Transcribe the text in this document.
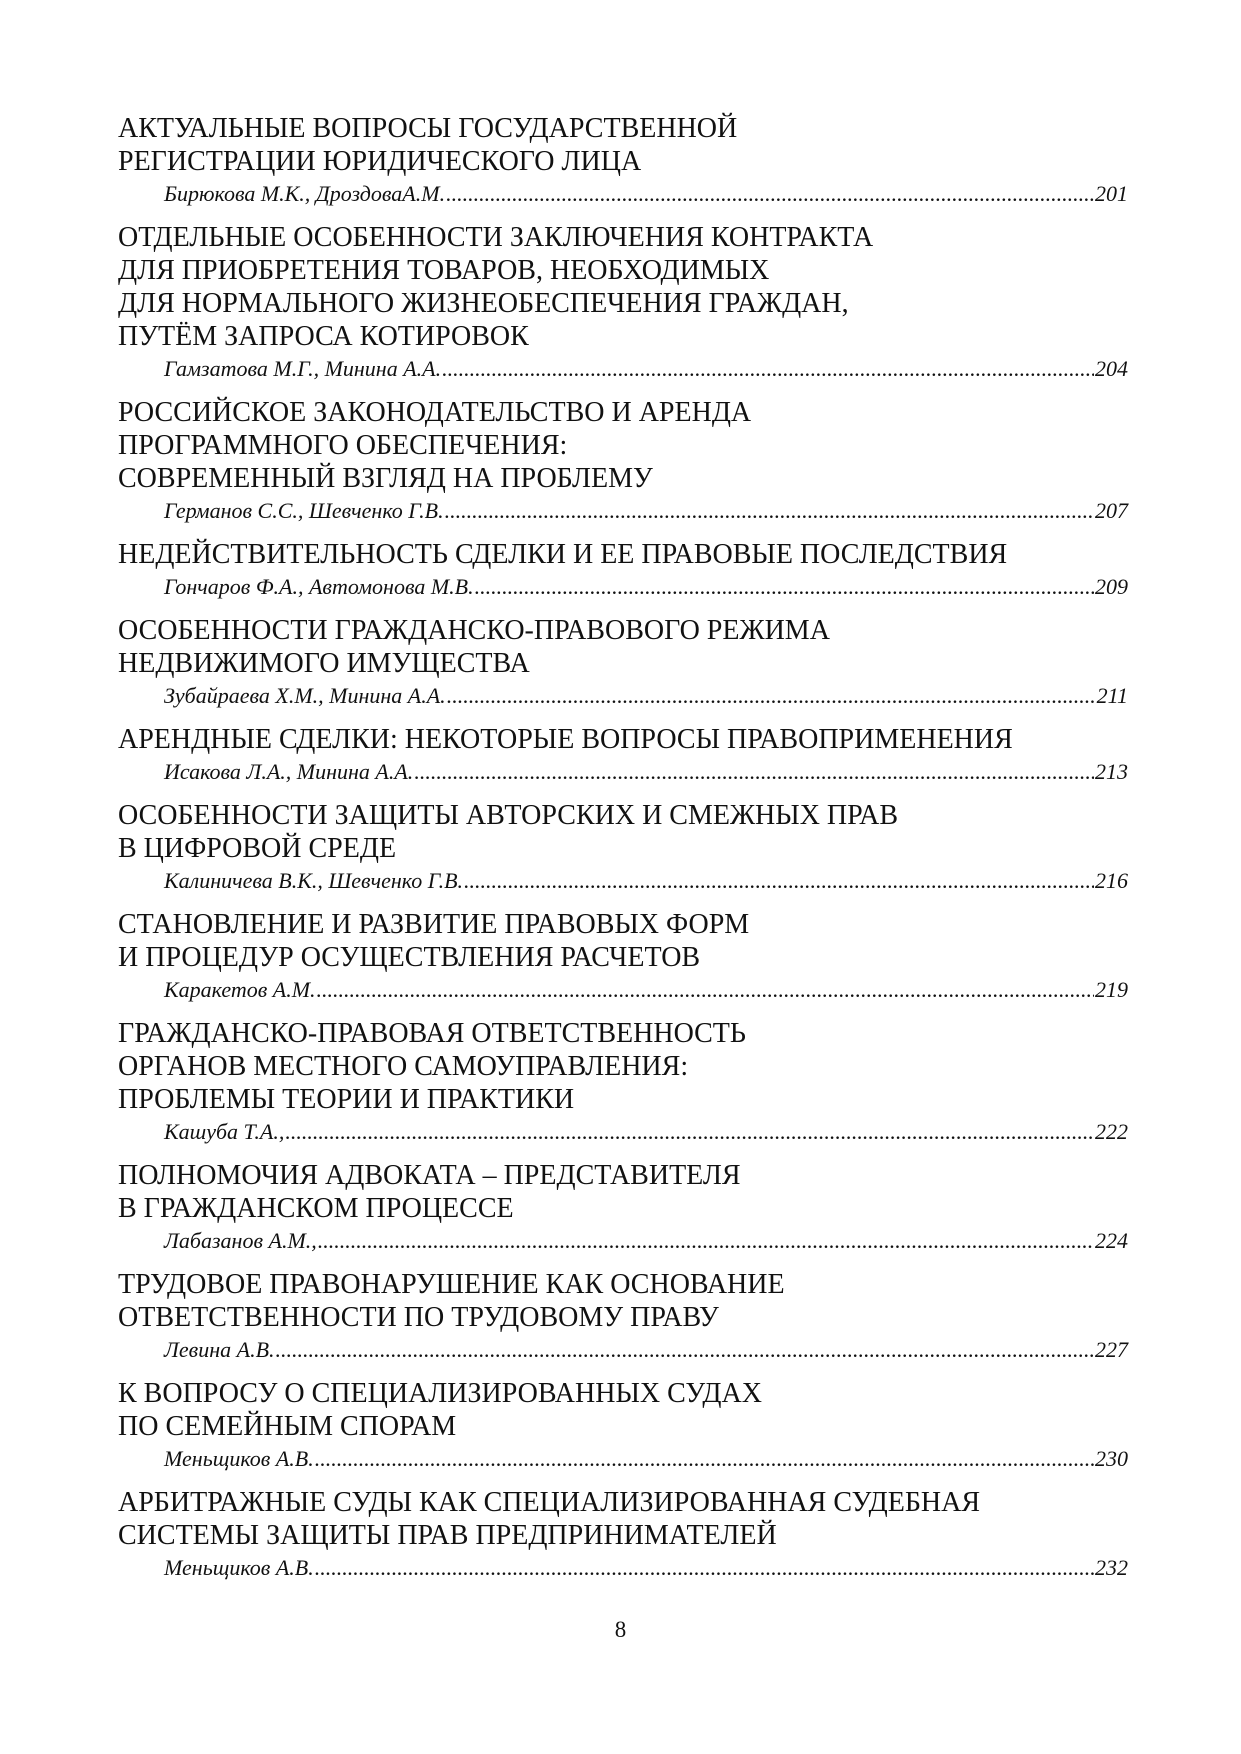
АКТУАЛЬНЫЕ ВОПРОСЫ ГОСУДАРСТВЕННОЙ
РЕГИСТРАЦИИ ЮРИДИЧЕСКОГО ЛИЦА
Бирюкова М.К., ДроздоваА.М. .....	201
ОТДЕЛЬНЫЕ ОСОБЕННОСТИ ЗАКЛЮЧЕНИЯ КОНТРАКТА
ДЛЯ ПРИОБРЕТЕНИЯ ТОВАРОВ, НЕОБХОДИМЫХ
ДЛЯ НОРМАЛЬНОГО ЖИЗНЕОБЕСПЕЧЕНИЯ ГРАЖДАН,
ПУТЁМ ЗАПРОСА КОТИРОВОК
Гамзатова М.Г., Минина А.А. .....	204
РОССИЙСКОЕ ЗАКОНОДАТЕЛЬСТВО И АРЕНДА
ПРОГРАММНОГО ОБЕСПЕЧЕНИЯ:
СОВРЕМЕННЫЙ ВЗГЛЯД НА ПРОБЛЕМУ
Германов С.С., Шевченко Г.В. .....	207
НЕДЕЙСТВИТЕЛЬНОСТЬ СДЕЛКИ И ЕЕ ПРАВОВЫЕ ПОСЛЕДСТВИЯ
Гончаров Ф.А., Автомонова М.В. .....	209
ОСОБЕННОСТИ ГРАЖДАНСКО-ПРАВОВОГО РЕЖИМА
НЕДВИЖИМОГО ИМУЩЕСТВА
Зубайраева Х.М., Минина А.А. .....	211
АРЕНДНЫЕ СДЕЛКИ: НЕКОТОРЫЕ ВОПРОСЫ ПРАВОПРИМЕНЕНИЯ
Исакова Л.А., Минина А.А. .....	213
ОСОБЕННОСТИ ЗАЩИТЫ АВТОРСКИХ И СМЕЖНЫХ ПРАВ
В ЦИФРОВОЙ СРЕДЕ
Калиничева В.К., Шевченко Г.В. .....	216
СТАНОВЛЕНИЕ И РАЗВИТИЕ ПРАВОВЫХ ФОРМ
И ПРОЦЕДУР ОСУЩЕСТВЛЕНИЯ РАСЧЕТОВ
Каракетов А.М. .....	219
ГРАЖДАНСКО-ПРАВОВАЯ ОТВЕТСТВЕННОСТЬ
ОРГАНОВ МЕСТНОГО САМОУПРАВЛЕНИЯ:
ПРОБЛЕМЫ ТЕОРИИ И ПРАКТИКИ
Кашуба Т.А., .....	222
ПОЛНОМОЧИЯ АДВОКАТА – ПРЕДСТАВИТЕЛЯ
В ГРАЖДАНСКОМ ПРОЦЕССЕ
Лабазанов А.М., .....	224
ТРУДОВОЕ ПРАВОНАРУШЕНИЕ КАК ОСНОВАНИЕ
ОТВЕТСТВЕННОСТИ ПО ТРУДОВОМУ ПРАВУ
Левина А.В. .....	227
К ВОПРОСУ О СПЕЦИАЛИЗИРОВАННЫХ СУДАХ
ПО СЕМЕЙНЫМ СПОРАМ
Меньщиков А.В. .....	230
АРБИТРАЖНЫЕ СУДЫ КАК СПЕЦИАЛИЗИРОВАННАЯ СУДЕБНАЯ
СИСТЕМЫ ЗАЩИТЫ ПРАВ ПРЕДПРИНИМАТЕЛЕЙ
Меньщиков А.В. .....	232
8
